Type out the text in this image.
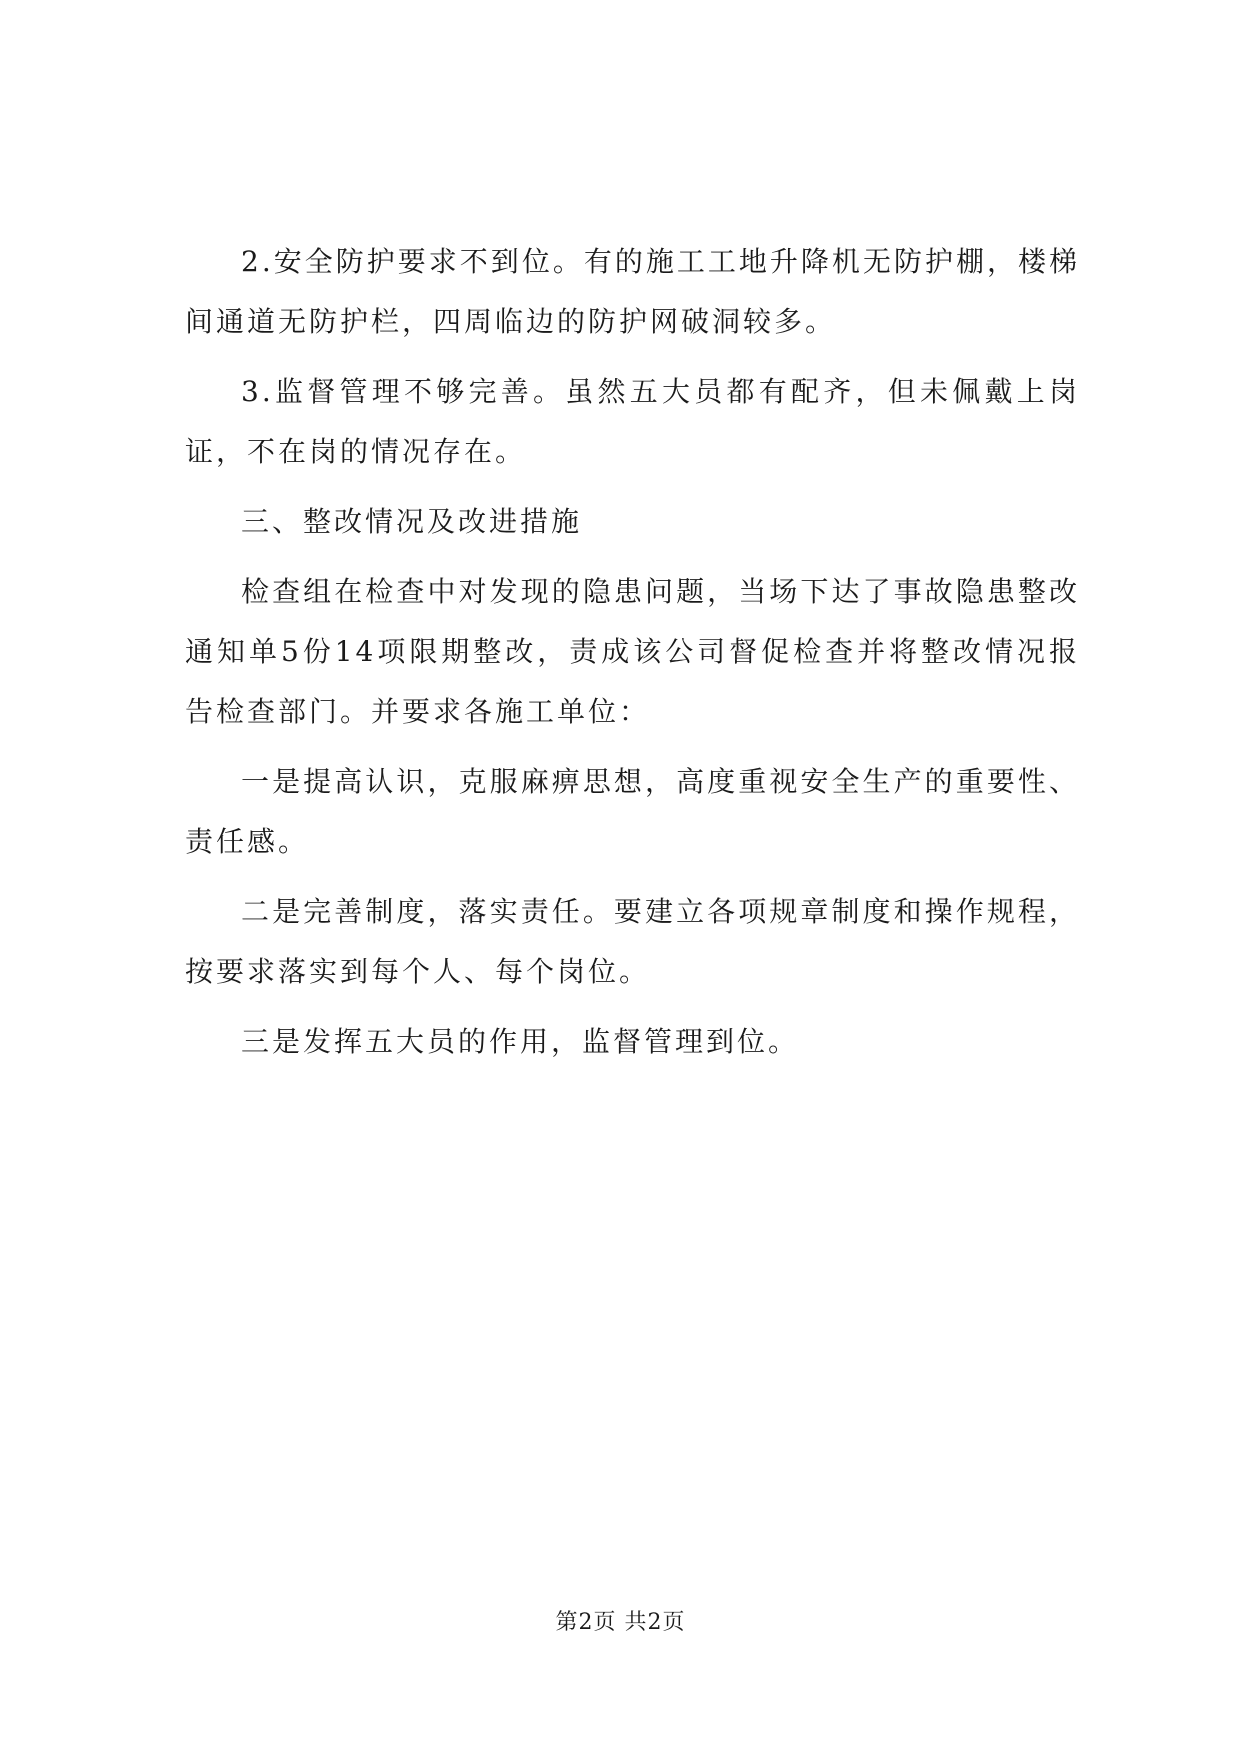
2.安全防护要求不到位。有的施工工地升降机无防护棚，楼梯间通道无防护栏，四周临边的防护网破洞较多。

3.监督管理不够完善。虽然五大员都有配齐，但未佩戴上岗证，不在岗的情况存在。

三、整改情况及改进措施

检查组在检查中对发现的隐患问题，当场下达了事故隐患整改通知单5份14项限期整改，责成该公司督促检查并将整改情况报告检查部门。并要求各施工单位：

一是提高认识，克服麻痹思想，高度重视安全生产的重要性、责任感。

二是完善制度，落实责任。要建立各项规章制度和操作规程，按要求落实到每个人、每个岗位。

三是发挥五大员的作用，监督管理到位。

第2页 共2页
